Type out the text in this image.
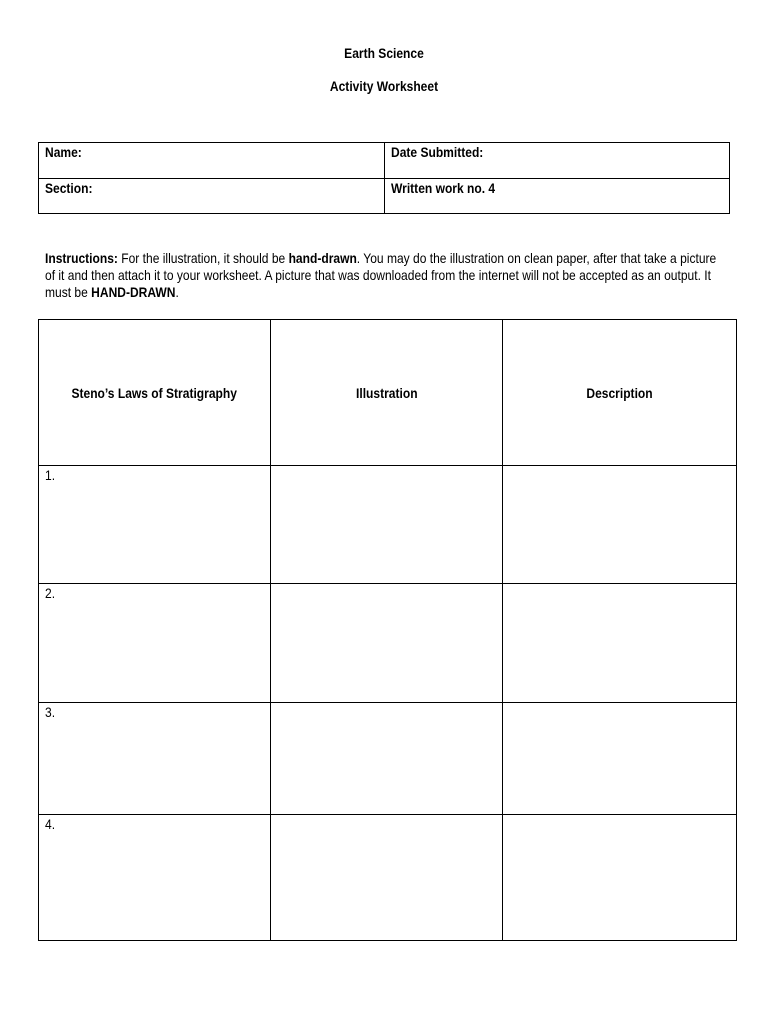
Earth Science
Activity Worksheet
Name:	Date Submitted:
Section:	Written work no. 4
Instructions: For the illustration, it should be hand-drawn. You may do the illustration on clean paper, after that take a picture of it and then attach it to your worksheet. A picture that was downloaded from the internet will not be accepted as an output. It must be HAND-DRAWN.
Steno’s Laws of Stratigraphy	Illustration	Description
1.		
2.		
3.		
4.		
